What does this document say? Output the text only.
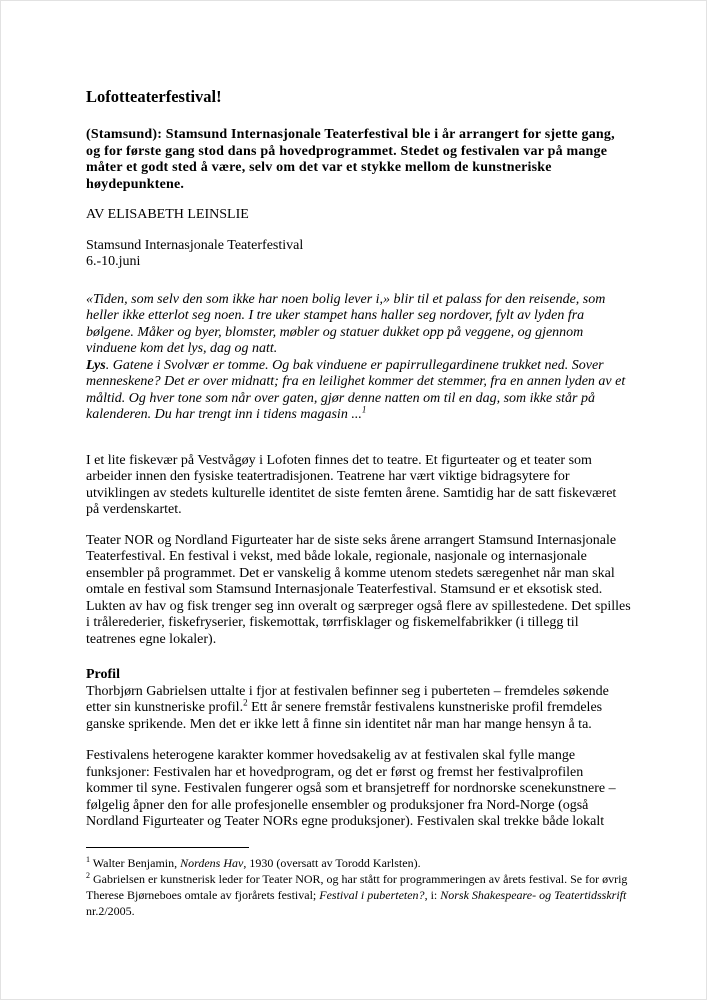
Lofotteaterfestival!

(Stamsund): Stamsund Internasjonale Teaterfestival ble i år arrangert for sjette gang, og for første gang stod dans på hovedprogrammet. Stedet og festivalen var på mange måter et godt sted å være, selv om det var et stykke mellom de kunstneriske høydepunktene.

AV ELISABETH LEINSLIE

Stamsund Internasjonale Teaterfestival
6.-10.juni

«Tiden, som selv den som ikke har noen bolig lever i,» blir til et palass for den reisende, som heller ikke etterlot seg noen. I tre uker stampet hans haller seg nordover, fylt av lyden fra bølgene. Måker og byer, blomster, møbler og statuer dukket opp på veggene, og gjennom vinduene kom det lys, dag og natt.

Lys. Gatene i Svolvær er tomme. Og bak vinduene er papirrullegardinene trukket ned. Sover menneskene? Det er over midnatt; fra en leilighet kommer det stemmer, fra en annen lyden av et måltid. Og hver tone som når over gaten, gjør denne natten om til en dag, som ikke står på kalenderen. Du har trengt inn i tidens magasin ...$^1$

I et lite fiskevær på Vestvågøy i Lofoten finnes det to teatre. Et figurteater og et teater som arbeider innen den fysiske teatertradisjonen. Teatrene har vært viktige bidragsytere for utviklingen av stedets kulturelle identitet de siste femten årene. Samtidig har de satt fiskeværet på verdenskartet.

Teater NOR og Nordland Figurteater har de siste seks årene arrangert Stamsund Internasjonale Teaterfestival. En festival i vekst, med både lokale, regionale, nasjonale og internasjonale ensembler på programmet. Det er vanskelig å komme utenom stedets særegenhet når man skal omtale en festival som Stamsund Internasjonale Teaterfestival. Stamsund er et eksotisk sted. Lukten av hav og fisk trenger seg inn overalt og særpreger også flere av spillestedene. Det spilles i trålerederier, fiskefryserier, fiskemottak, tørrfisklager og fiskemelfabrikker (i tillegg til teatrenes egne lokaler).

Profil

Thorbjørn Gabrielsen uttalte i fjor at festivalen befinner seg i puberteten – fremdeles søkende etter sin kunstneriske profil.$^2$ Ett år senere fremstår festivalens kunstneriske profil fremdeles ganske sprikende. Men det er ikke lett å finne sin identitet når man har mange hensyn å ta.

Festivalens heterogene karakter kommer hovedsakelig av at festivalen skal fylle mange funksjoner: Festivalen har et hovedprogram, og det er først og fremst her festivalprofilen kommer til syne. Festivalen fungerer også som et bransjetreff for nordnorske scenekunstnere – følgelig åpner den for alle profesjonelle ensembler og produksjoner fra Nord-Norge (også Nordland Figurteater og Teater NORs egne produksjoner). Festivalen skal trekke både lokalt

$^1$ Walter Benjamin, Nordens Hav, 1930 (oversatt av Torodd Karlsten).

$^2$ Gabrielsen er kunstnerisk leder for Teater NOR, og har stått for programmeringen av årets festival. Se for øvrig Therese Bjørneboes omtale av fjorårets festival; Festival i puberteten?, i: Norsk Shakespeare- og Teatertidsskrift nr.2/2005.
